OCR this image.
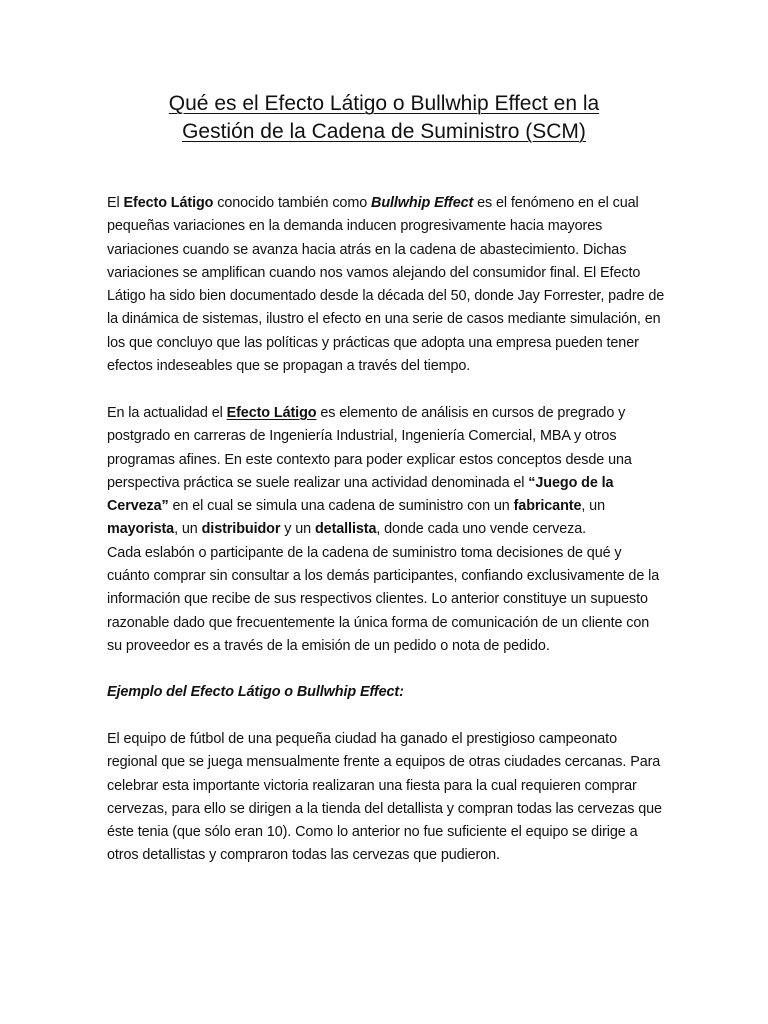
Qué es el Efecto Látigo o Bullwhip Effect en la
Gestión de la Cadena de Suministro (SCM)

El Efecto Látigo conocido también como Bullwhip Effect es el fenómeno en el cual pequeñas variaciones en la demanda inducen progresivamente hacia mayores variaciones cuando se avanza hacia atrás en la cadena de abastecimiento. Dichas variaciones se amplifican cuando nos vamos alejando del consumidor final. El Efecto Látigo ha sido bien documentado desde la década del 50, donde Jay Forrester, padre de la dinámica de sistemas, ilustro el efecto en una serie de casos mediante simulación, en los que concluyo que las políticas y prácticas que adopta una empresa pueden tener efectos indeseables que se propagan a través del tiempo.

En la actualidad el Efecto Látigo es elemento de análisis en cursos de pregrado y postgrado en carreras de Ingeniería Industrial, Ingeniería Comercial, MBA y otros programas afines. En este contexto para poder explicar estos conceptos desde una perspectiva práctica se suele realizar una actividad denominada el “Juego de la Cerveza” en el cual se simula una cadena de suministro con un fabricante, un mayorista, un distribuidor y un detallista, donde cada uno vende cerveza.
Cada eslabón o participante de la cadena de suministro toma decisiones de qué y cuánto comprar sin consultar a los demás participantes, confiando exclusivamente de la información que recibe de sus respectivos clientes. Lo anterior constituye un supuesto razonable dado que frecuentemente la única forma de comunicación de un cliente con su proveedor es a través de la emisión de un pedido o nota de pedido.

Ejemplo del Efecto Látigo o Bullwhip Effect:

El equipo de fútbol de una pequeña ciudad ha ganado el prestigioso campeonato regional que se juega mensualmente frente a equipos de otras ciudades cercanas. Para celebrar esta importante victoria realizaran una fiesta para la cual requieren comprar cervezas, para ello se dirigen a la tienda del detallista y compran todas las cervezas que éste tenia (que sólo eran 10). Como lo anterior no fue suficiente el equipo se dirige a otros detallistas y compraron todas las cervezas que pudieron.
